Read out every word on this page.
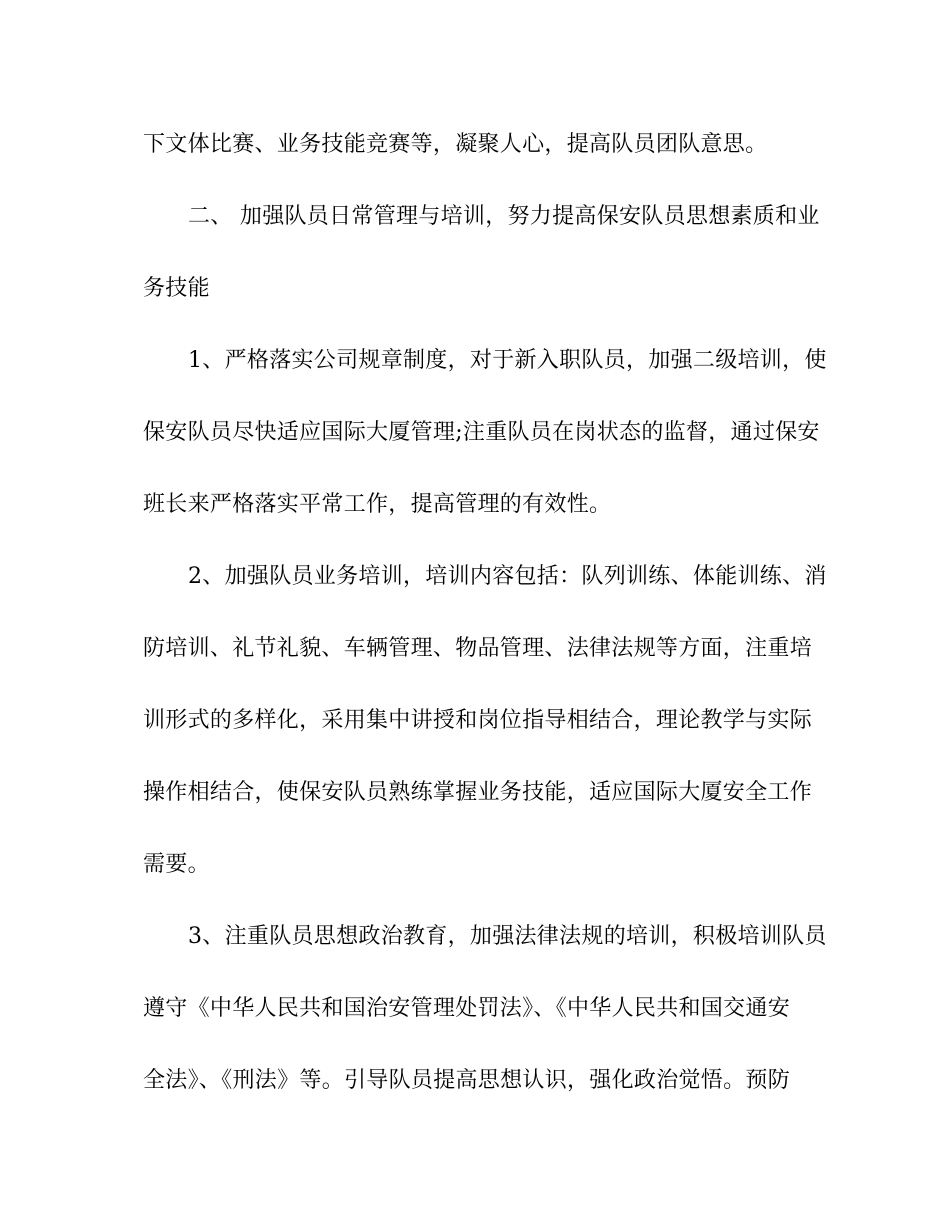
下文体比赛、业务技能竞赛等，凝聚人心，提高队员团队意思。
二、 加强队员日常管理与培训，努力提高保安队员思想素质和业
务技能
1、严格落实公司规章制度，对于新入职队员，加强二级培训，使
保安队员尽快适应国际大厦管理;注重队员在岗状态的监督，通过保安
班长来严格落实平常工作，提高管理的有效性。
2、加强队员业务培训，培训内容包括：队列训练、体能训练、消
防培训、礼节礼貌、车辆管理、物品管理、法律法规等方面，注重培
训形式的多样化，采用集中讲授和岗位指导相结合，理论教学与实际
操作相结合，使保安队员熟练掌握业务技能，适应国际大厦安全工作
需要。
3、注重队员思想政治教育，加强法律法规的培训，积极培训队员
遵守《中华人民共和国治安管理处罚法》、《中华人民共和国交通安
全法》、《刑法》等。引导队员提高思想认识，强化政治觉悟。预防
